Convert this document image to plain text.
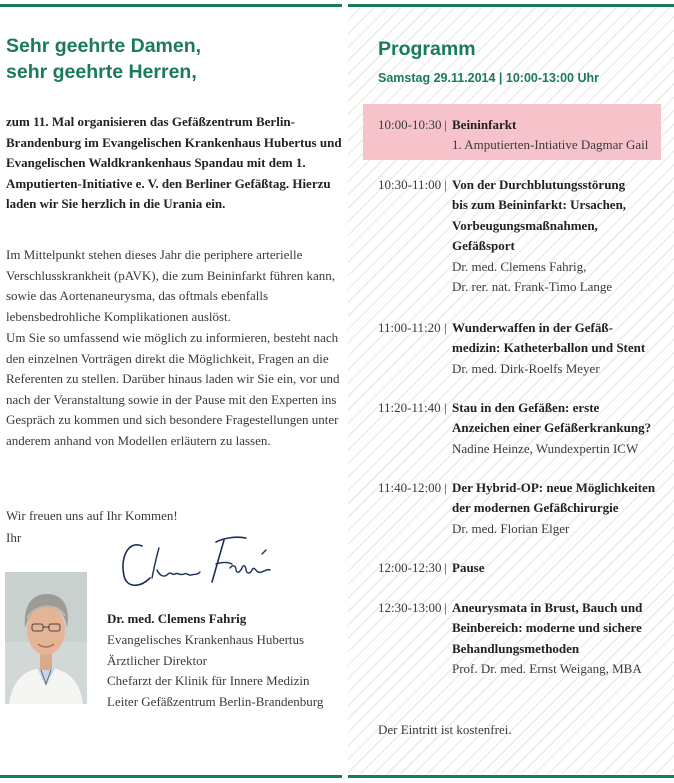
Sehr geehrte Damen,
sehr geehrte Herren,

zum 11. Mal organisieren das Gefäßzentrum Berlin-Brandenburg im Evangelischen Krankenhaus Hubertus und Evangelischen Waldkrankenhaus Spandau mit dem 1. Amputierten-Initiative e. V. den Berliner Gefäßtag. Hierzu laden wir Sie herzlich in die Urania ein.

Im Mittelpunkt stehen dieses Jahr die periphere arterielle Verschlusskrankheit (pAVK), die zum Beininfarkt führen kann, sowie das Aortenaneurysma, das oftmals ebenfalls lebensbedrohliche Komplikationen auslöst.

Um Sie so umfassend wie möglich zu informieren, besteht nach den einzelnen Vorträgen direkt die Möglichkeit, Fragen an die Referenten zu stellen. Darüber hinaus laden wir Sie ein, vor und nach der Veranstaltung sowie in der Pause mit den Experten ins Gespräch zu kommen und sich besondere Fragestellungen unter anderem anhand von Modellen erläutern zu lassen.

Wir freuen uns auf Ihr Kommen!

Ihr

Dr. med. Clemens Fahrig
Evangelisches Krankenhaus Hubertus
Ärztlicher Direktor
Chefarzt der Klinik für Innere Medizin
Leiter Gefäßzentrum Berlin-Brandenburg
Programm

Samstag 29.11.2014 | 10:00-13:00 Uhr

10:00-10:30 | Beininfarkt
1. Amputierten-Intiative Dagmar Gail
10:30-11:00 | Von der Durchblutungsstörung
bis zum Beininfarkt: Ursachen,
Vorbeugungsmaßnahmen,
Gefäßsport
Dr. med. Clemens Fahrig,
Dr. rer. nat. Frank-Timo Lange
11:00-11:20 | Wunderwaffen in der Gefäß-
medizin: Katheterballon und Stent
Dr. med. Dirk-Roelfs Meyer
11:20-11:40 | Stau in den Gefäßen: erste
Anzeichen einer Gefäßerkrankung?
Nadine Heinze, Wundexpertin ICW
11:40-12:00 | Der Hybrid-OP: neue Möglichkeiten
der modernen Gefäßchirurgie
Dr. med. Florian Elger
12:00-12:30 | Pause
12:30-13:00 | Aneurysmata in Brust, Bauch und
Beinbereich: moderne und sichere
Behandlungsmethoden
Prof. Dr. med. Ernst Weigang, MBA

Der Eintritt ist kostenfrei.
